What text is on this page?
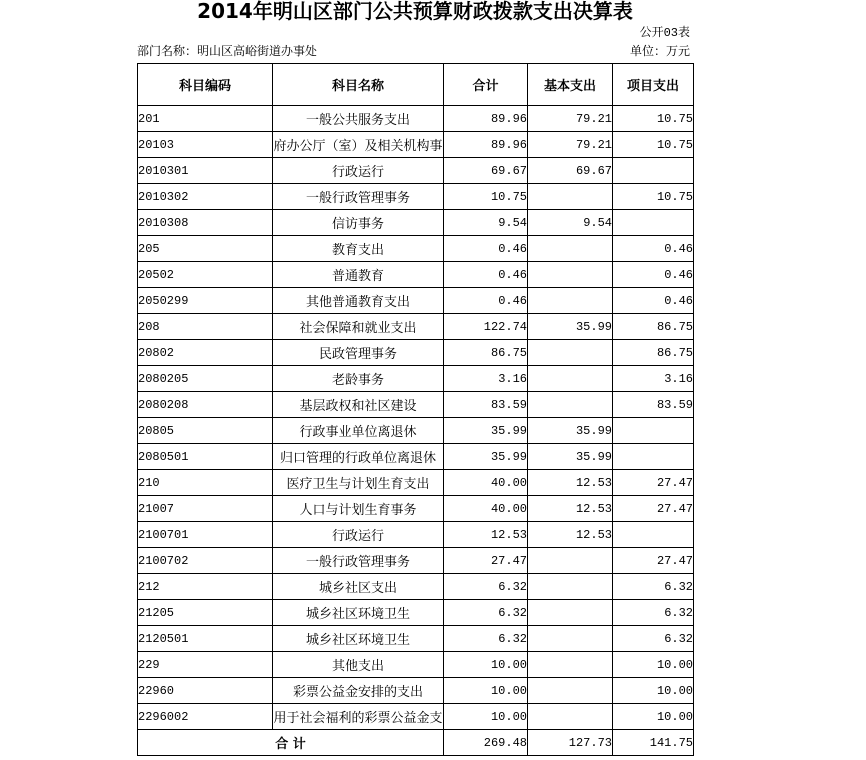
2014年明山区部门公共预算财政拨款支出决算表
公开03表
部门名称：明山区高峪街道办事处	单位：万元
科目编码	科目名称	合计	基本支出	项目支出
201	一般公共服务支出	89.96	79.21	10.75
20103	府办公厅（室）及相关机构事	89.96	79.21	10.75
2010301	行政运行	69.67	69.67	
2010302	一般行政管理事务	10.75		10.75
2010308	信访事务	9.54	9.54	
205	教育支出	0.46		0.46
20502	普通教育	0.46		0.46
2050299	其他普通教育支出	0.46		0.46
208	社会保障和就业支出	122.74	35.99	86.75
20802	民政管理事务	86.75		86.75
2080205	老龄事务	3.16		3.16
2080208	基层政权和社区建设	83.59		83.59
20805	行政事业单位离退休	35.99	35.99	
2080501	归口管理的行政单位离退休	35.99	35.99	
210	医疗卫生与计划生育支出	40.00	12.53	27.47
21007	人口与计划生育事务	40.00	12.53	27.47
2100701	行政运行	12.53	12.53	
2100702	一般行政管理事务	27.47		27.47
212	城乡社区支出	6.32		6.32
21205	城乡社区环境卫生	6.32		6.32
2120501	城乡社区环境卫生	6.32		6.32
229	其他支出	10.00		10.00
22960	彩票公益金安排的支出	10.00		10.00
2296002	用于社会福利的彩票公益金支	10.00		10.00
合 计		269.48	127.73	141.75
